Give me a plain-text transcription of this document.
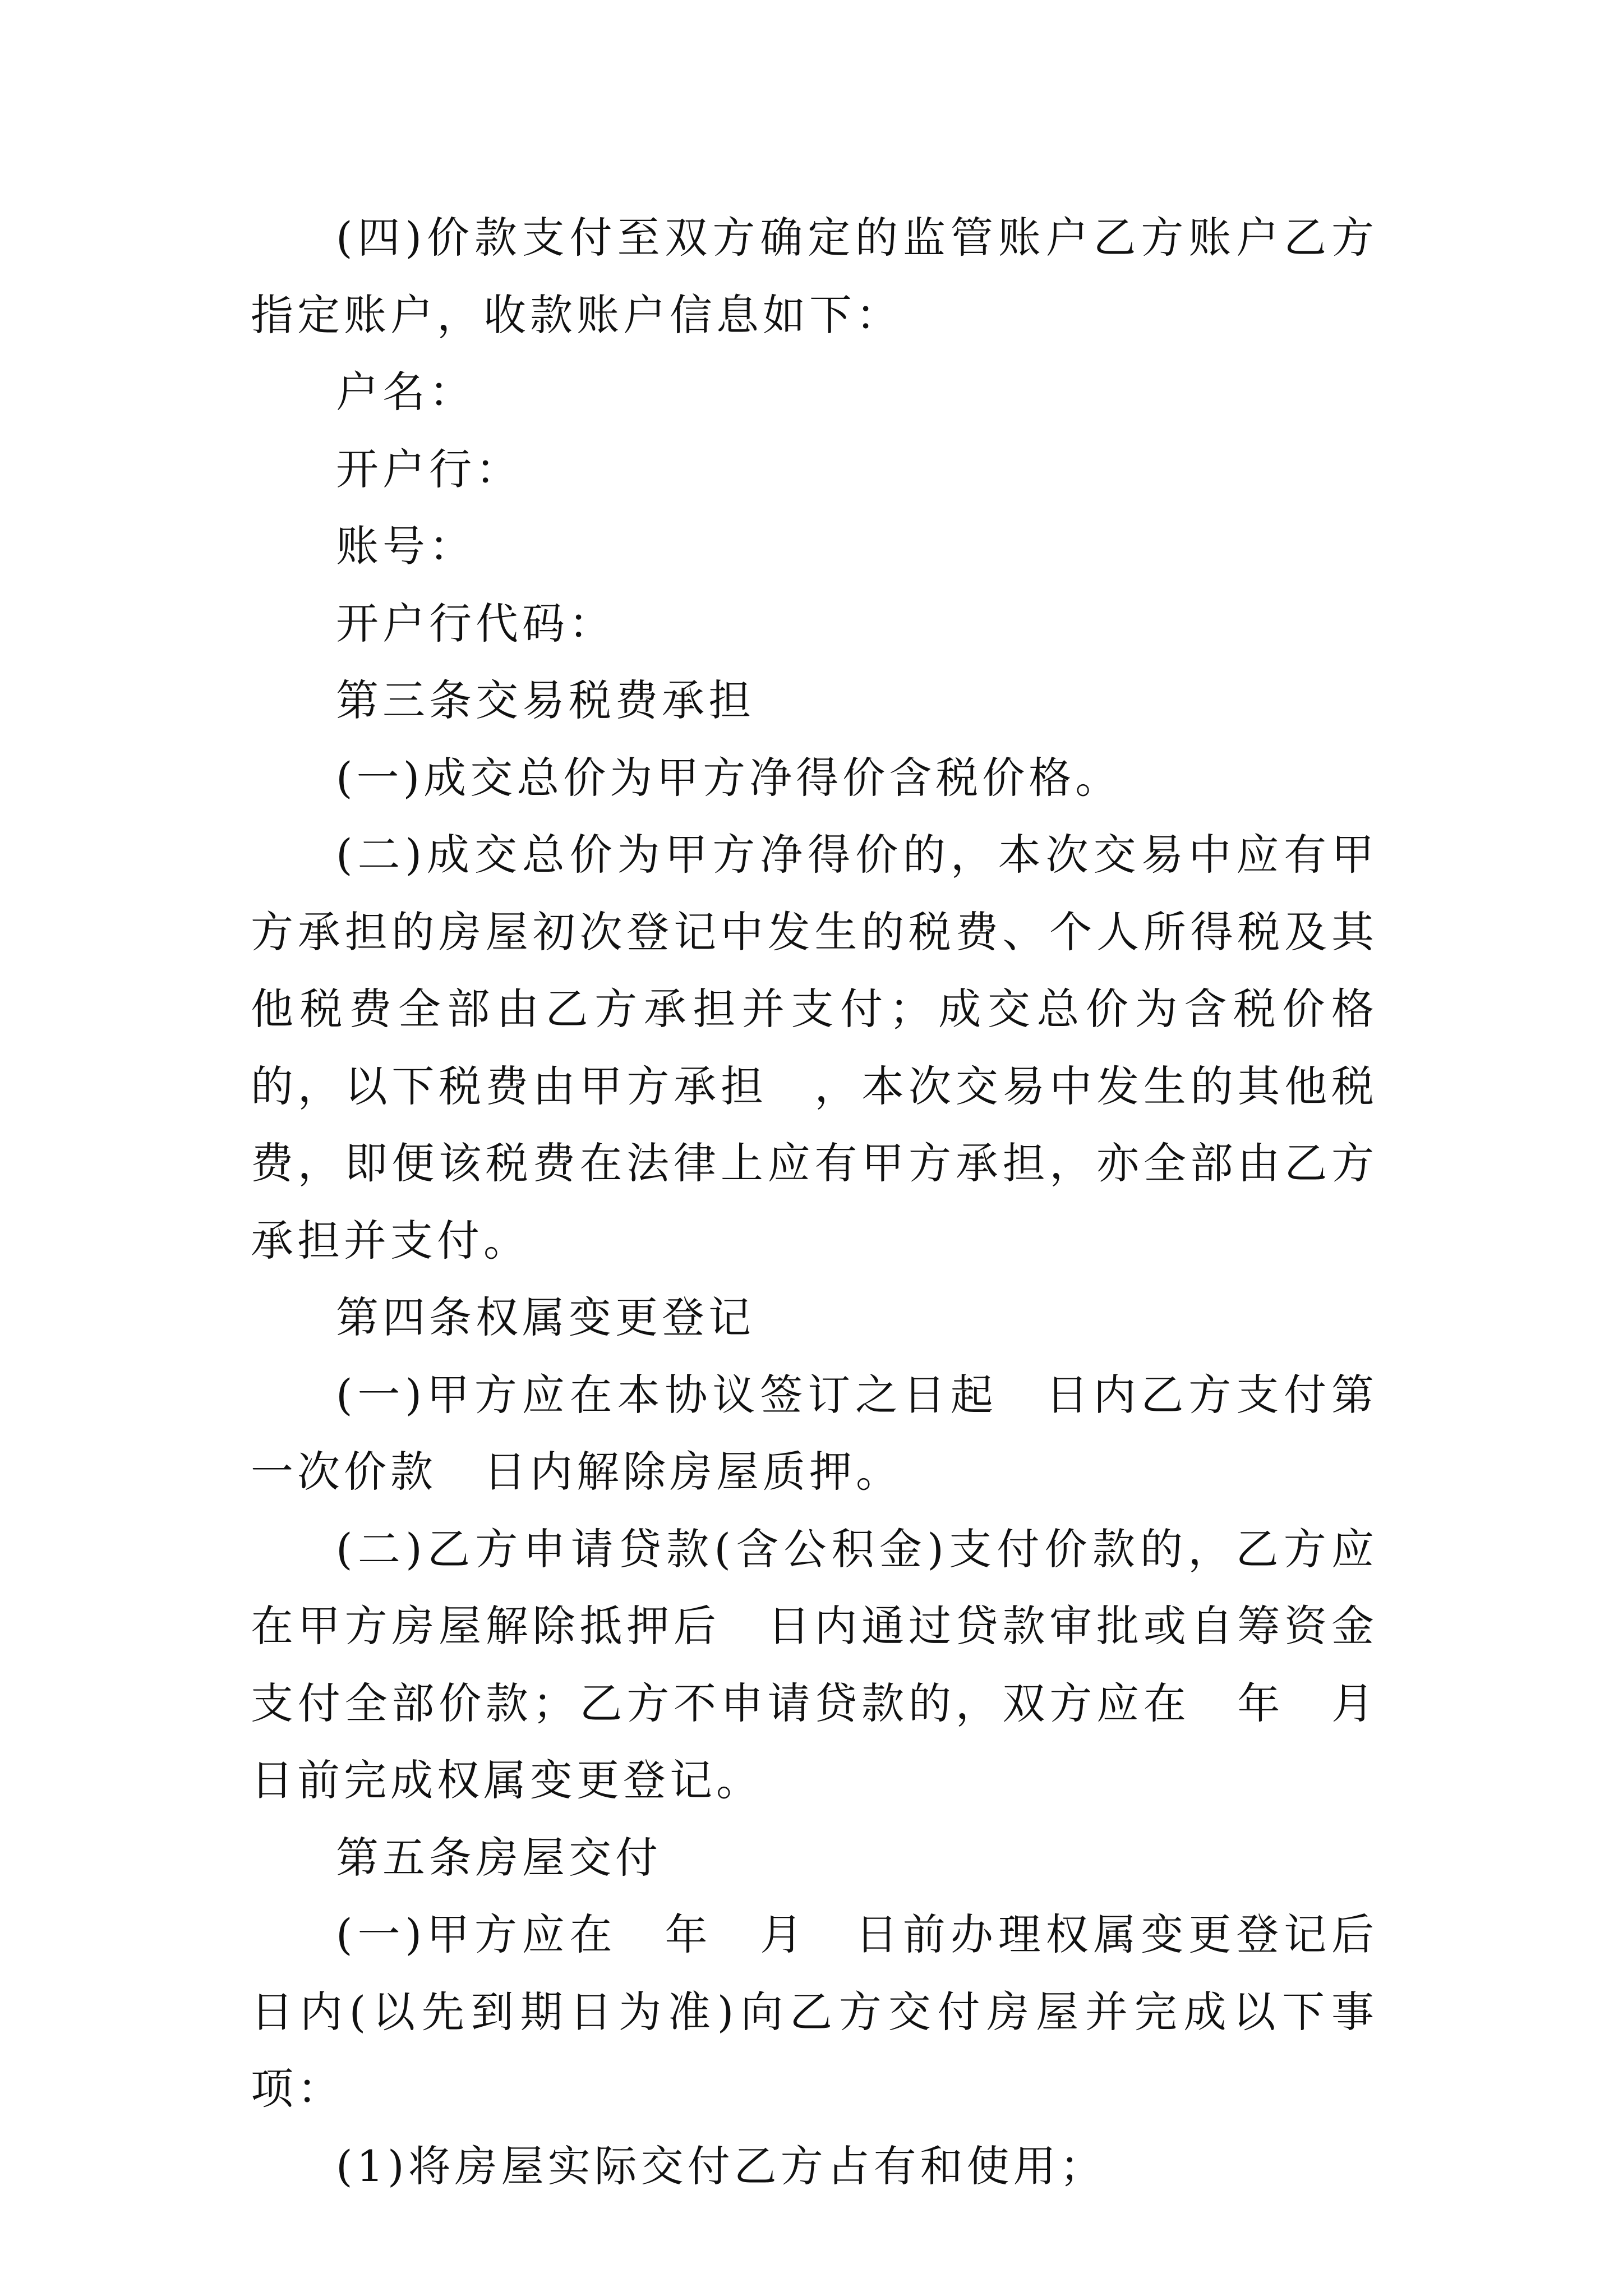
(四)价款支付至双方确定的监管账户乙方账户乙方指定账户，收款账户信息如下：

户名：

开户行：

账号：

开户行代码：

第三条交易税费承担

(一)成交总价为甲方净得价含税价格。

(二)成交总价为甲方净得价的，本次交易中应有甲方承担的房屋初次登记中发生的税费、个人所得税及其他税费全部由乙方承担并支付；成交总价为含税价格的，以下税费由甲方承担　，本次交易中发生的其他税费，即便该税费在法律上应有甲方承担，亦全部由乙方承担并支付。

第四条权属变更登记

(一)甲方应在本协议签订之日起　日内乙方支付第一次价款　日内解除房屋质押。

(二)乙方申请贷款(含公积金)支付价款的，乙方应在甲方房屋解除抵押后　日内通过贷款审批或自筹资金支付全部价款；乙方不申请贷款的，双方应在　年　月　日前完成权属变更登记。

第五条房屋交付

(一)甲方应在　年　月　日前办理权属变更登记后　日内(以先到期日为准)向乙方交付房屋并完成以下事项：

(1)将房屋实际交付乙方占有和使用；
